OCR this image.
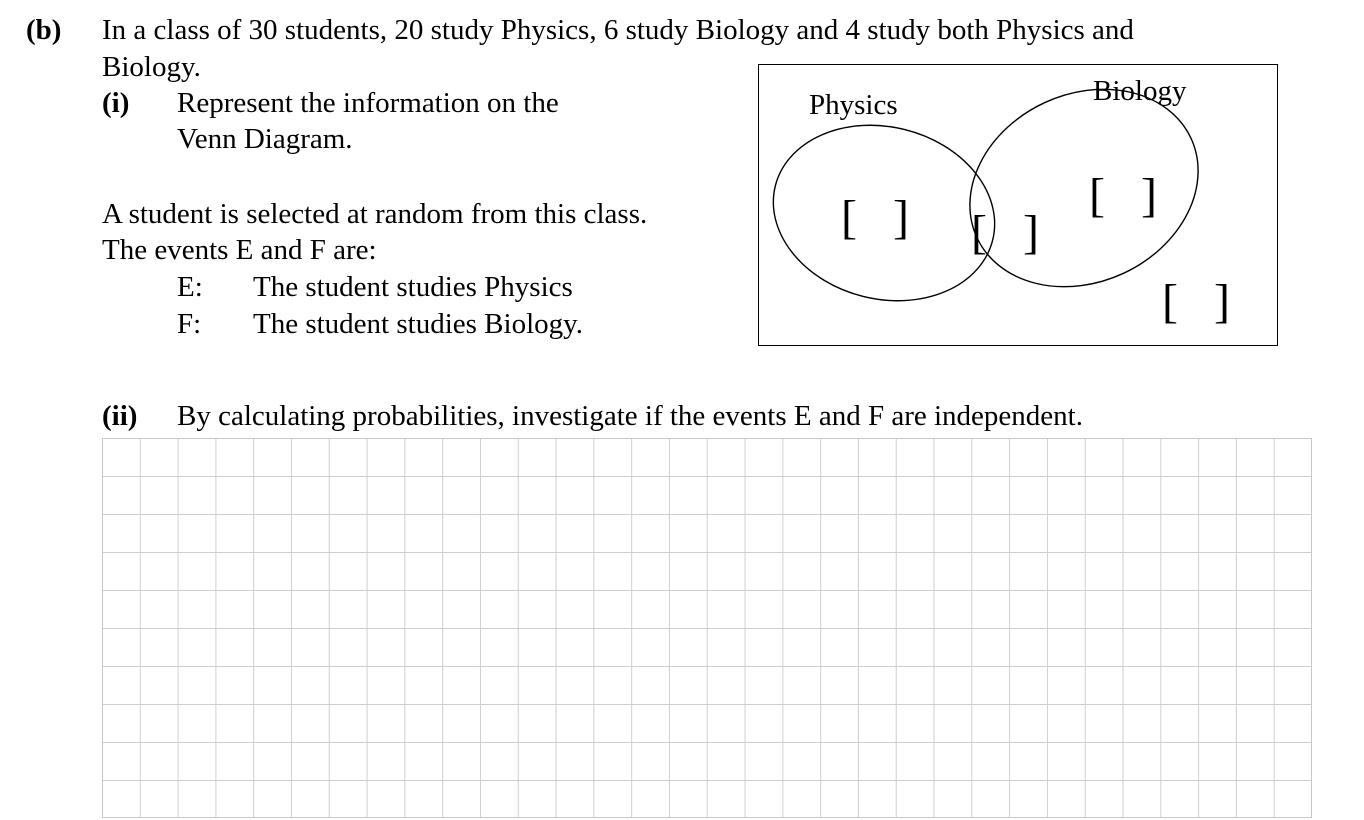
(b) In a class of 30 students, 20 study Physics, 6 study Biology and 4 study both Physics and
Biology.
(i) Represent the information on the
Venn Diagram.
A student is selected at random from this class.
The events E and F are:
E: The student studies Physics
F: The student studies Biology.
Physics	Biology
[   ] [   ]
[   ]
[   ]
(ii) By calculating probabilities, investigate if the events E and F are independent.
